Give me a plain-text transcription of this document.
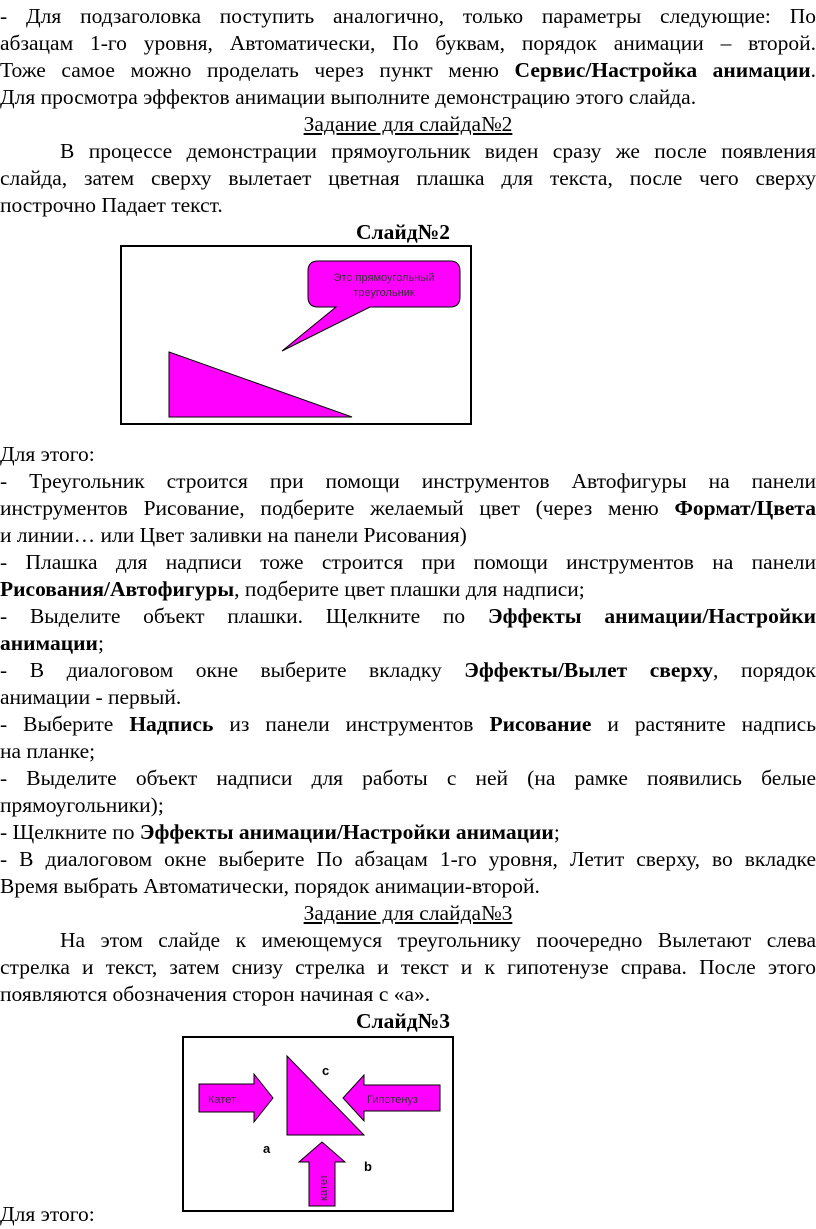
- Для подзаголовка поступить аналогично, только параметры следующие: По

абзацам 1-го уровня, Автоматически, По буквам, порядок анимации – второй.

Тоже самое можно проделать через пункт меню Сервис/Настройка анимации.

Для просмотра эффектов анимации выполните демонстрацию этого слайда.

Задание для слайда№2

В процессе демонстрации прямоугольник виден сразу же после появления

слайда, затем сверху вылетает цветная плашка для текста, после чего сверху

построчно Падает текст.

Слайд№2
Это прямоугольный
треугольник

Для этого:

- Треугольник строится при помощи инструментов Автофигуры на панели

инструментов Рисование, подберите желаемый цвет (через меню Формат/Цвета

и линии… или Цвет заливки на панели Рисования)

- Плашка для надписи тоже строится при помощи инструментов на панели

Рисования/Автофигуры, подберите цвет плашки для надписи;

- Выделите объект плашки. Щелкните по Эффекты анимации/Настройки

анимации;

- В диалоговом окне выберите вкладку Эффекты/Вылет сверху, порядок

анимации - первый.

- Выберите Надпись из панели инструментов Рисование и растяните надпись

на планке;

- Выделите объект надписи для работы с ней (на рамке появились белые

прямоугольники);

- Щелкните по Эффекты анимации/Настройки анимации;

- В диалоговом окне выберите По абзацам 1-го уровня, Летит сверху, во вкладке

Время выбрать Автоматически, порядок анимации-второй.

Задание для слайда№3

На этом слайде к имеющемуся треугольнику поочередно Вылетают слева

стрелка и текст, затем снизу стрелка и текст и к гипотенузе справа. После этого

появляются обозначения сторон начиная с «а».

Слайд№3
Катет	Гипотенуз
катет
c
a
b

Для этого:
